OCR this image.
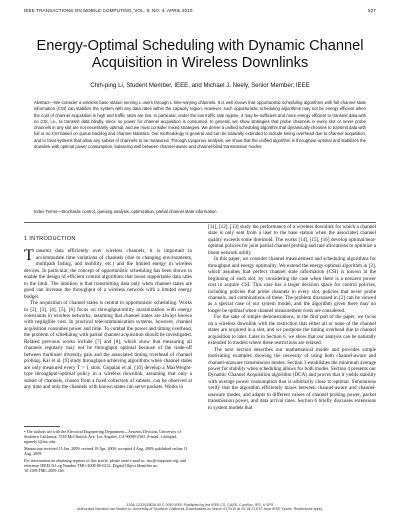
IEEE TRANSACTIONS ON MOBILE COMPUTING, VOL. 9, NO. 4, APRIL 2010	527
Energy-Optimal Scheduling with Dynamic Channel Acquisition in Wireless Downlinks
Chih-ping Li, Student Member, IEEE, and Michael J. Neely, Senior Member, IEEE
Abstract—We consider a wireless base station serving L users through L time-varying channels. It is well known that opportunistic scheduling algorithms with full channel state information (CSI) can stabilize the system with any data rates within the capacity region. However, such opportunistic scheduling algorithms may not be energy efficient when the cost of channel acquisition is high and traffic rates are low. In particular, under the low traffic rate regime, it may be sufficient and more energy efficient to transmit data with no CSI, i.e., to transmit data blindly, since no power for channel acquisition is consumed. In general, we show strategies that probe channels in every slot or never probe channels in any slot are not necessarily optimal, and we must consider mixed strategies. We derive a unified scheduling algorithm that dynamically chooses to transmit data with full or no CSI based on queue backlog and channel statistics. Our methodology is general and can be naturally extended to include timing overhead due to channel acquisition, and to treat systems that allow any subset of channels to be measured. Through Lyapunov analysis, we show that the unified algorithm is throughput-optimal and stabilizes the downlink with optimal power consumption, balancing well between channel-aware and channel-blind transmission modes.
Index Terms—Stochastic control, queuing analysis, optimization, partial channel state information.
1 INTRODUCTION

Transmit data efficiently over wireless channels, it is important to accommodate time variations of channels (due to changing environments, multipath fading, and mobility, etc.) and the limited energy in wireless devices. In particular, the concept of opportunistic scheduling has been shown to enable the design of efficient control algorithms that boost supportable data rates to the limit. The intuition is that transmitting data only when channel states are good can increase the throughput of a wireless network with a limited energy budget.

The acquisition of channel states is central to opportunistic scheduling. Works in [2], [3], [4], [5], [6] focus on throughput/utility maximization with energy constraints in wireless networks, assuming that channel states are always known with negligible cost. In practical telecommunication systems, however, channel acquisition consumes power and time. To combat the power and timing overhead, the problem of scheduling with partial channel acquisition should be investigated. Related previous works include [7] and [8], which show that measuring all channels regularly may not be throughput optimal because of the trade-off between multiuser diversity gain and the associated timing overhead of channel probing. Kar et al. [9] study throughput-achieving algorithms when channel states are only measured every T > 1 slots. Gopalan et al. [10] develop a MaxWeight-type throughput-optimal policy in a wireless downlink, assuming that only a subset of channels, chosen from a fixed collection of subsets, can be observed at any time and only the channels with known states can serve packets. Works in

[11], [12], [13] study the performance of a wireless downlink for which a channel state is only sent from a user to the base station when the associated channel quality exceeds some threshold. The works [14], [15], [16] develop optimal/near-optimal policies for joint partial channel probing and rate allocations to optimize a linear network utility.

In this paper, we consider channel measurement and scheduling algorithms for throughput and energy optimality. We extend the energy-optimal algorithm in [2], which assumes that perfect channel state information (CSI) is known at the beginning of each slot, by considering the case when there is a nonzero power cost to acquire CSI. This case has a larger decision space for control policies, including policies that probe channels in every slot, policies that never probe channels, and combinations of these. The problem discussed in [2] can be viewed as a special case of our system model, and the algorithm given there may no longer be optimal when channel measurement costs are considered.

For the sake of simple demonstrations, in the first part of the paper, we focus on a wireless downlink with the restriction that either all or none of the channel states are acquired in a slot, and we postpone the timing overhead due to channel acquisition to later. Later in Section 6, we show that our analysis can be naturally extended to models where these restrictions are relaxed.

The next section describes our mathematical model and provides simple motivating examples showing the necessity of using both channel-aware and channel-unaware transmission modes. Section 3 establishes the minimum average power for stability when scheduling allows for both modes. Section 4 presents our Dynamic Channel Acquisition algorithm (DCA) and proves that it yields stability with average power consumption that is arbitrarily close to optimal. Simulations verify that the algorithm efficiently mixes between channel-aware and channel-unaware modes, and adapts to different values of channel probing power, packet transmission power, and data arrival rates. Section 6 briefly discusses extensions to system models that

• The authors are with the Electrical Engineering Department—Systems Division, University of Southern California, 3740 McClintock Ave, Los Angeles, CA 90089-2565. E-mail: {chihpinl, mjneely}@usc.edu.

Manuscript received 15 Jan. 2009; revised 18 Apr. 2009; accepted 4 Aug. 2009; published online 11 Aug. 2009.

For information on obtaining reprints of this article, please send e-mail to: tmc@computer.org, and reference IEEECS Log Number TMC-2008-06-0232. Digital Object Identifier no. 10.1109/TMC.2009.140.

1536-1233/10/$26.00 © 2010 IEEE Published by the IEEE CS, CASS, ComSoc, IES, & SPS
Authorized licensed use limited to: University of Southern California. Downloaded on March 01,2010 at 20:18:21 EST from IEEE Xplore. Restrictions apply.
